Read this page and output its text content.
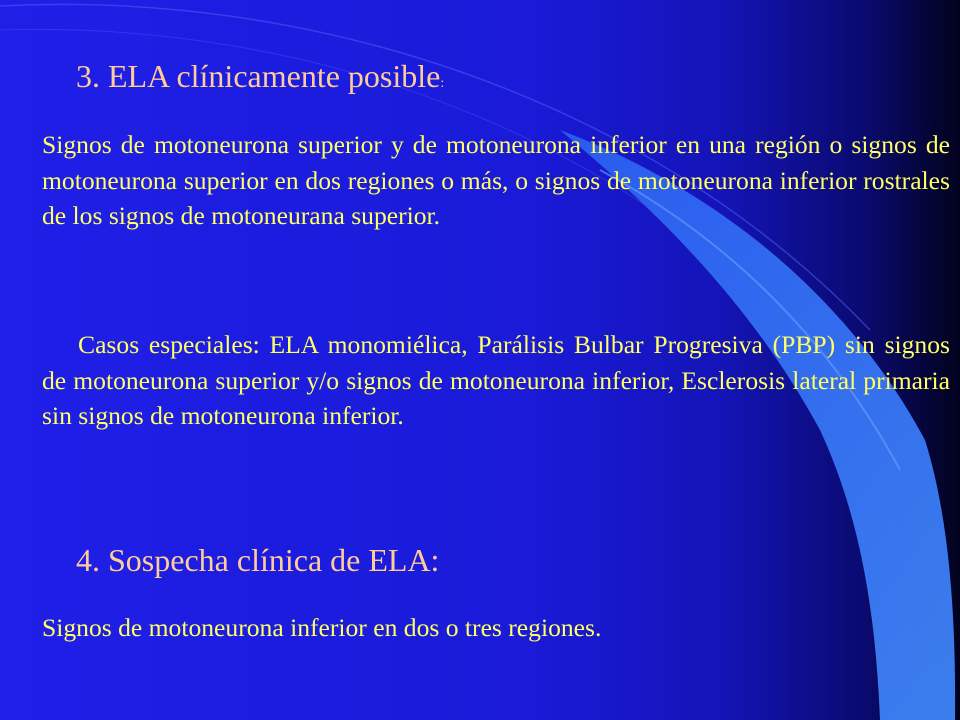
3. ELA clínicamente posible:

Signos de motoneurona superior y de motoneurona inferior en una región o signos de motoneurona superior en dos regiones o más, o signos de motoneurona inferior rostrales de los signos de motoneurana superior.

Casos especiales: ELA monomiélica, Parálisis Bulbar Progresiva (PBP) sin signos de motoneurona superior y/o signos de motoneurona inferior, Esclerosis lateral primaria sin signos de motoneurona inferior.

4. Sospecha clínica de ELA:

Signos de motoneurona inferior en dos o tres regiones.
